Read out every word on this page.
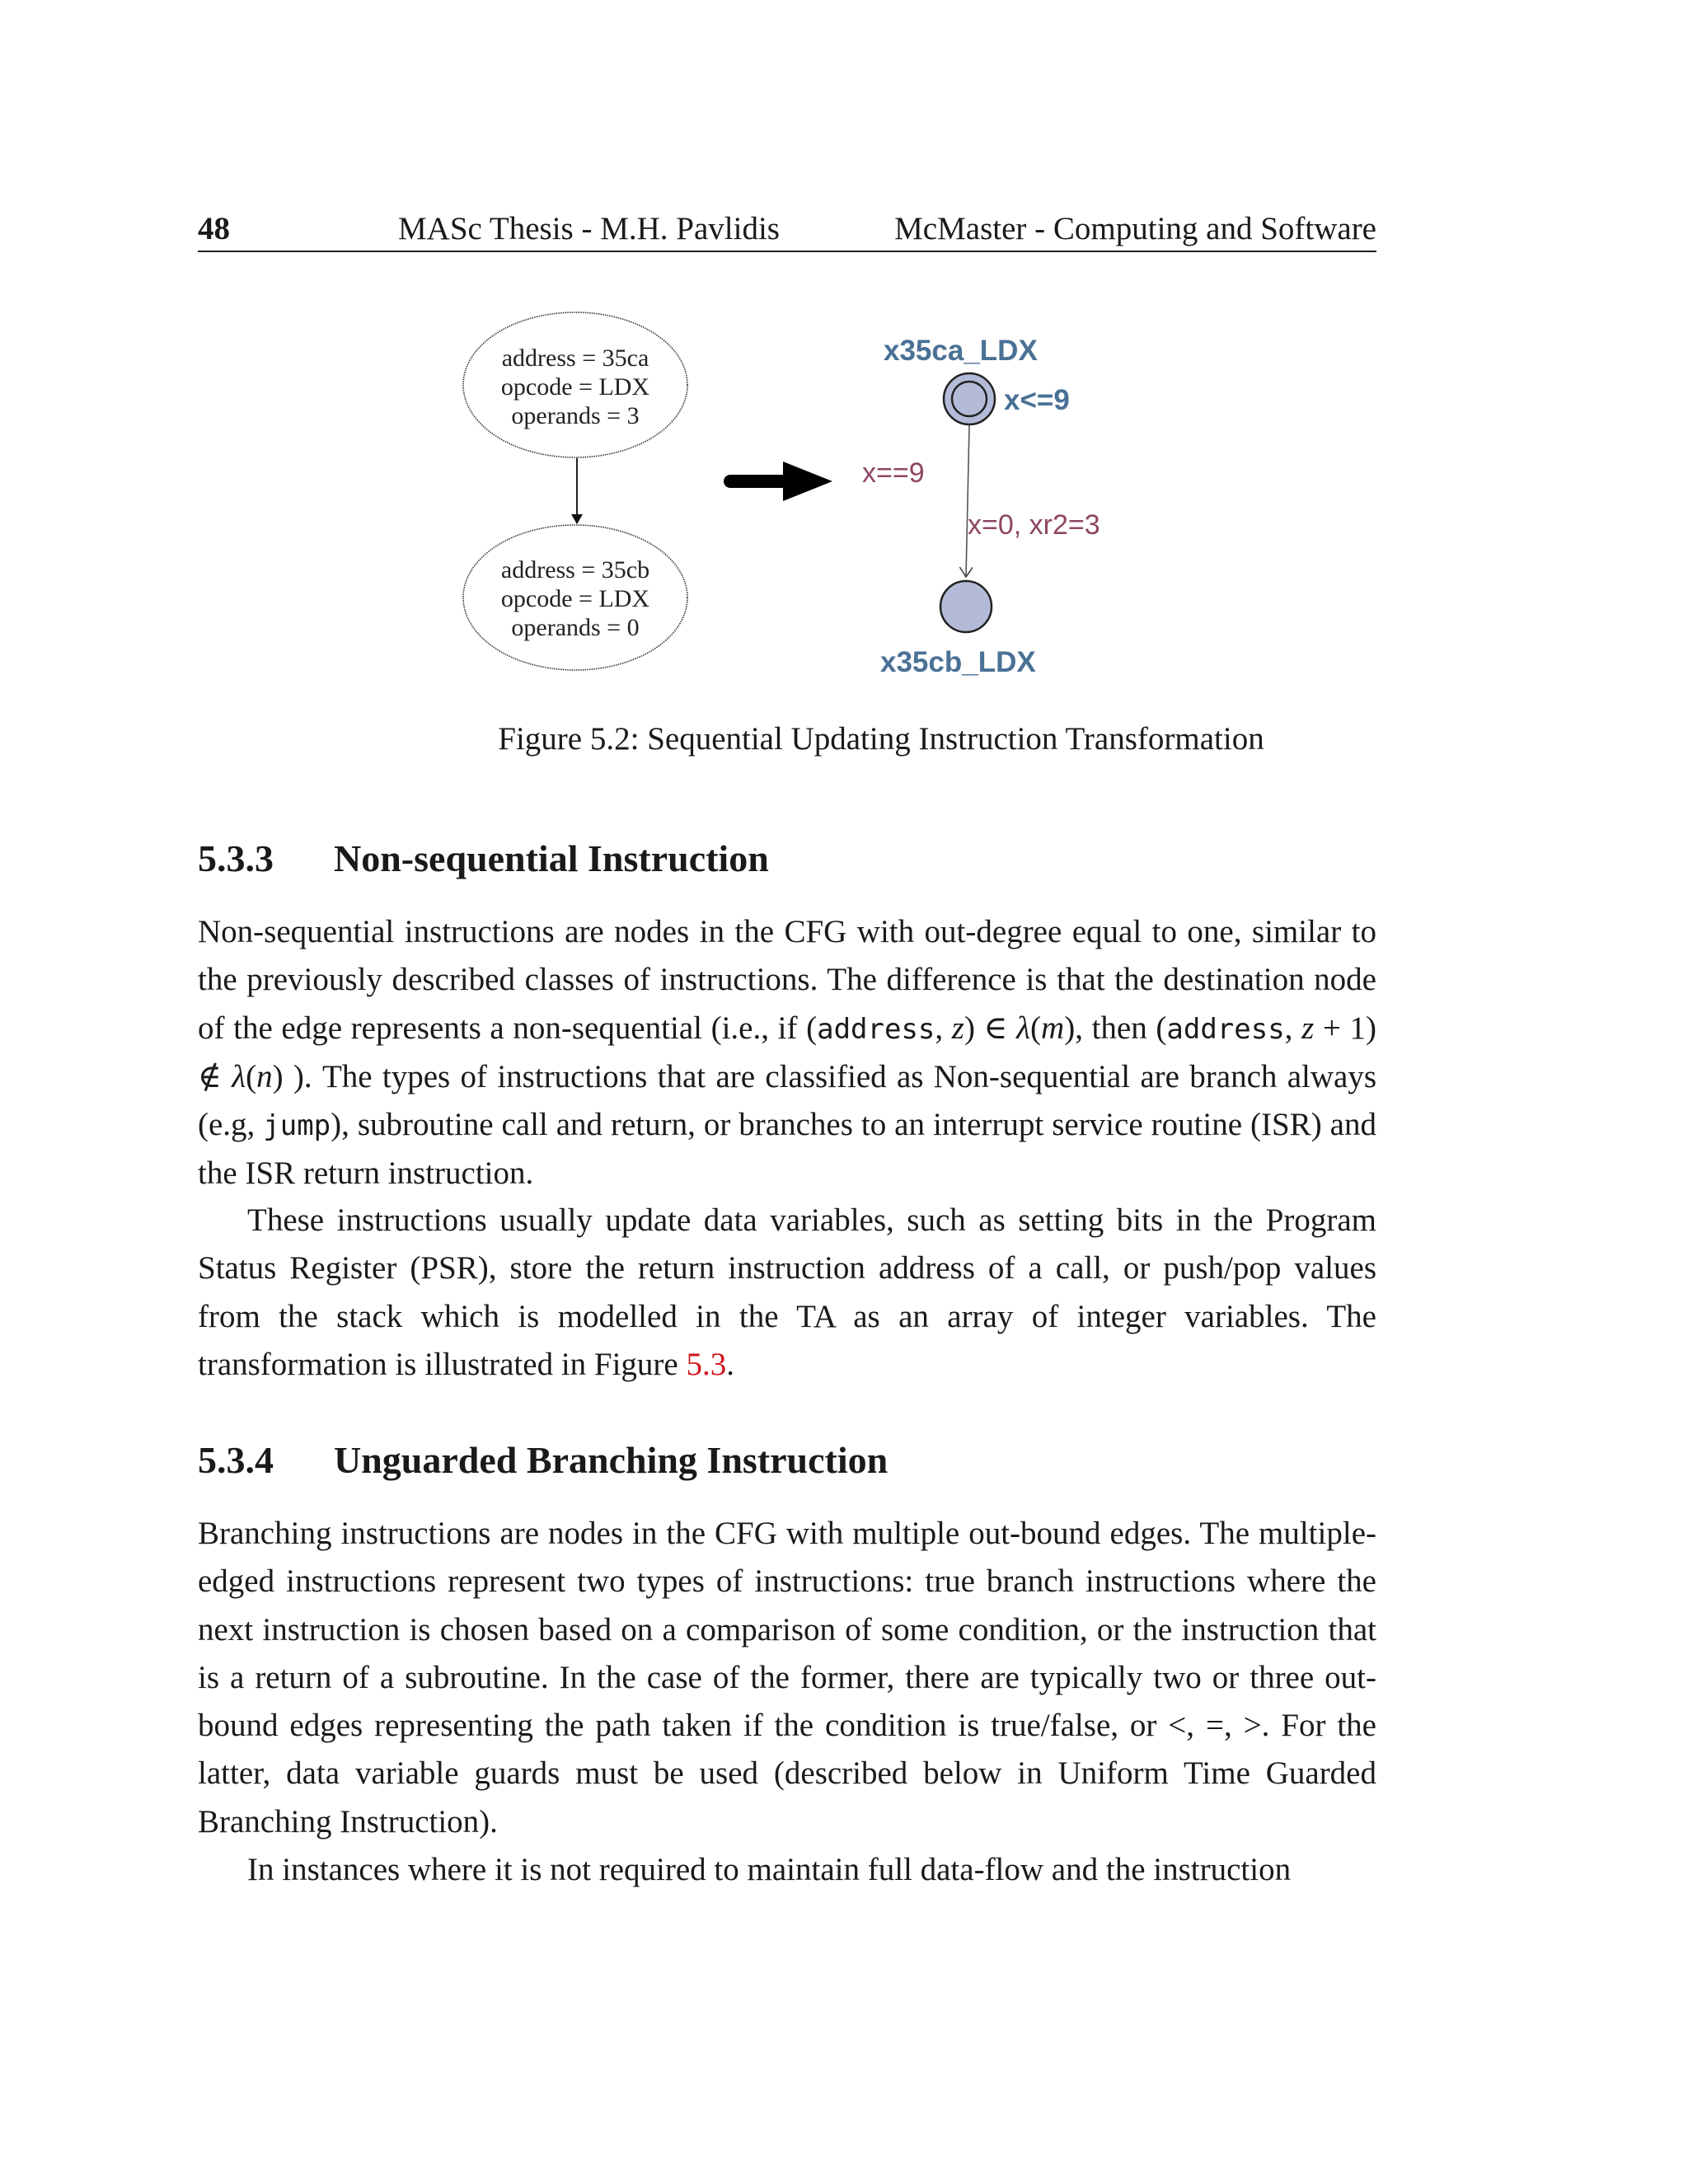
48	MASc Thesis - M.H. Pavlidis	McMaster - Computing and Software
address = 35ca
opcode = LDX
operands = 3
address = 35cb
opcode = LDX
operands = 0
x35ca_LDX
x<=9
x==9
x=0, xr2=3
x35cb_LDX
Figure 5.2: Sequential Updating Instruction Transformation
5.3.3 Non-sequential Instruction

Non-sequential instructions are nodes in the CFG with out-degree equal to one, similar to the previously described classes of instructions. The difference is that the destination node of the edge represents a non-sequential (i.e., if (address, z) ∈ λ(m), then (address, z + 1) ∉ λ(n) ). The types of instructions that are classified as Non-sequential are branch always (e.g, jump), subroutine call and return, or branches to an interrupt service routine (ISR) and the ISR return instruction.

These instructions usually update data variables, such as setting bits in the Program Status Register (PSR), store the return instruction address of a call, or push/pop values from the stack which is modelled in the TA as an array of integer variables. The transformation is illustrated in Figure 5.3.

5.3.4 Unguarded Branching Instruction

Branching instructions are nodes in the CFG with multiple out-bound edges. The multiple-edged instructions represent two types of instructions: true branch instructions where the next instruction is chosen based on a comparison of some condition, or the instruction that is a return of a subroutine. In the case of the former, there are typically two or three out-bound edges representing the path taken if the condition is true/false, or <, =, >. For the latter, data variable guards must be used (described below in Uniform Time Guarded Branching Instruction).

In instances where it is not required to maintain full data-flow and the instruction
